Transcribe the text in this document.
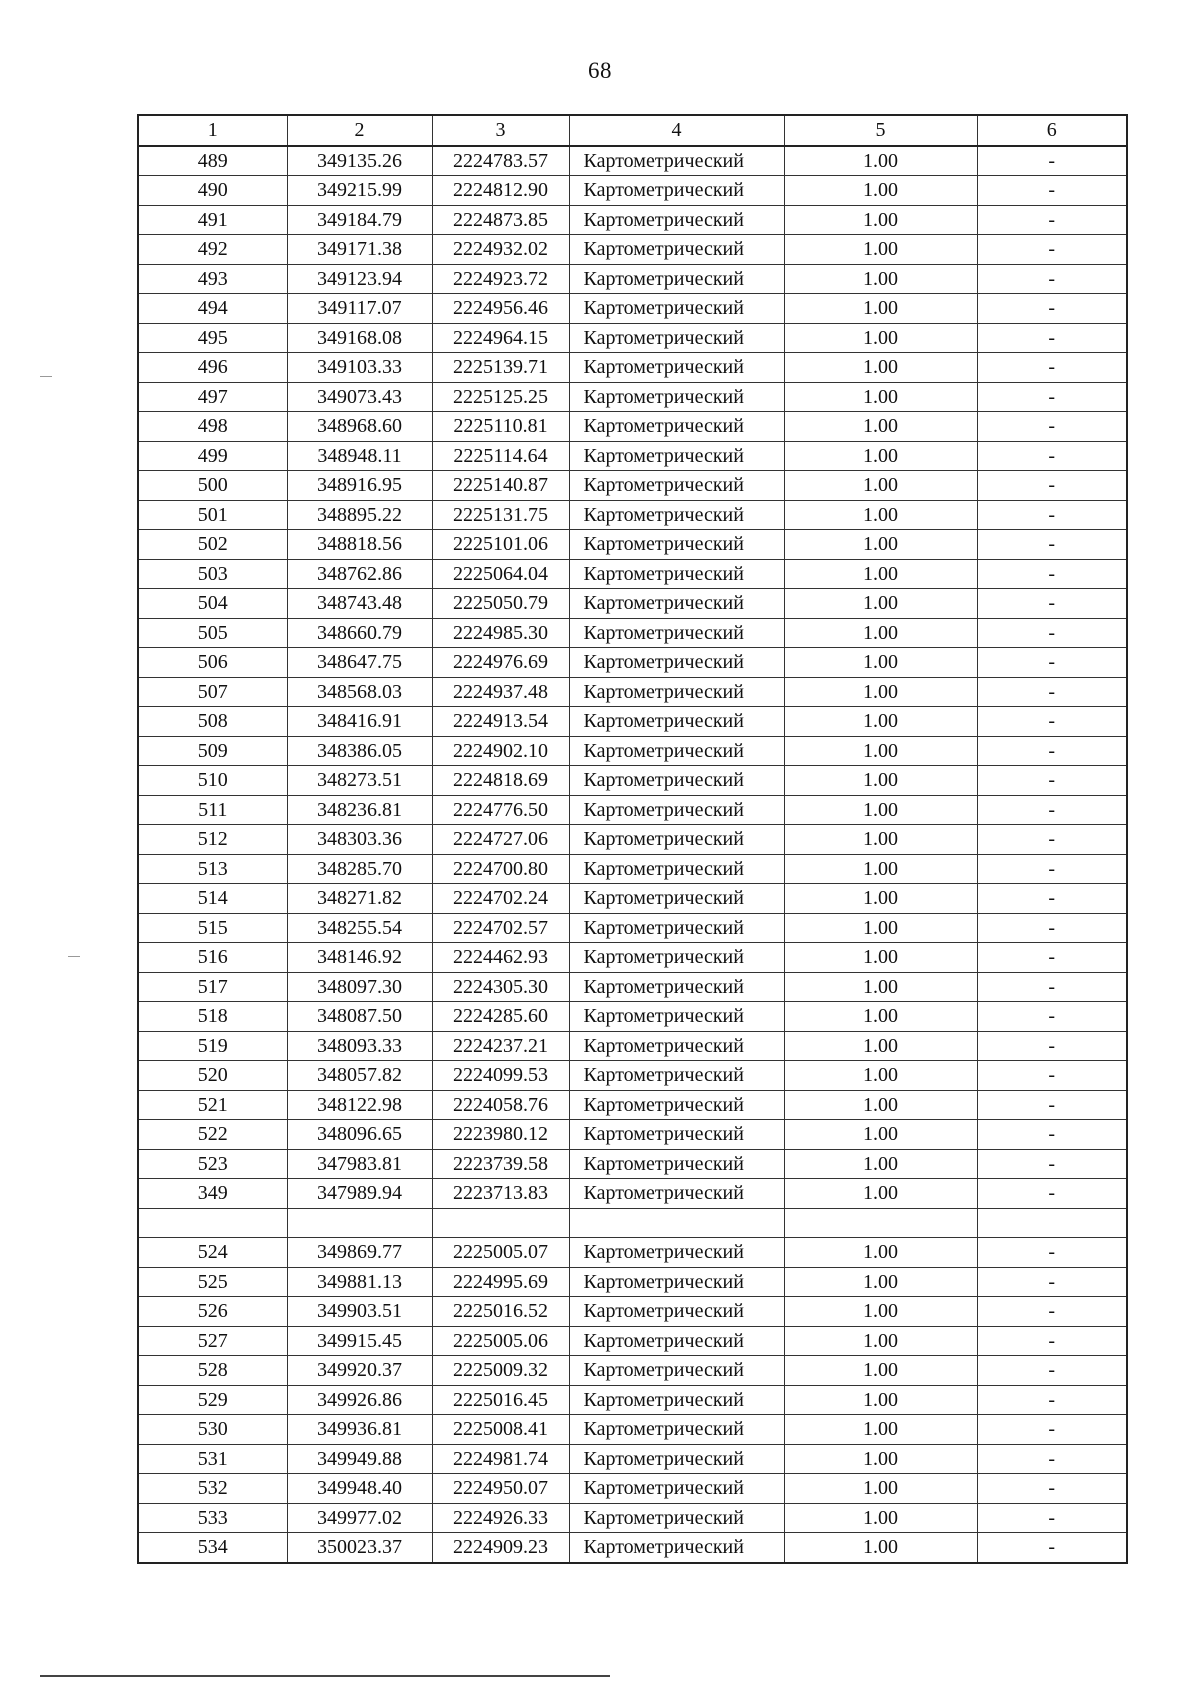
68
1	2	3	4	5	6
489	349135.26	2224783.57	Картометрический	1.00	-
490	349215.99	2224812.90	Картометрический	1.00	-
491	349184.79	2224873.85	Картометрический	1.00	-
492	349171.38	2224932.02	Картометрический	1.00	-
493	349123.94	2224923.72	Картометрический	1.00	-
494	349117.07	2224956.46	Картометрический	1.00	-
495	349168.08	2224964.15	Картометрический	1.00	-
496	349103.33	2225139.71	Картометрический	1.00	-
497	349073.43	2225125.25	Картометрический	1.00	-
498	348968.60	2225110.81	Картометрический	1.00	-
499	348948.11	2225114.64	Картометрический	1.00	-
500	348916.95	2225140.87	Картометрический	1.00	-
501	348895.22	2225131.75	Картометрический	1.00	-
502	348818.56	2225101.06	Картометрический	1.00	-
503	348762.86	2225064.04	Картометрический	1.00	-
504	348743.48	2225050.79	Картометрический	1.00	-
505	348660.79	2224985.30	Картометрический	1.00	-
506	348647.75	2224976.69	Картометрический	1.00	-
507	348568.03	2224937.48	Картометрический	1.00	-
508	348416.91	2224913.54	Картометрический	1.00	-
509	348386.05	2224902.10	Картометрический	1.00	-
510	348273.51	2224818.69	Картометрический	1.00	-
511	348236.81	2224776.50	Картометрический	1.00	-
512	348303.36	2224727.06	Картометрический	1.00	-
513	348285.70	2224700.80	Картометрический	1.00	-
514	348271.82	2224702.24	Картометрический	1.00	-
515	348255.54	2224702.57	Картометрический	1.00	-
516	348146.92	2224462.93	Картометрический	1.00	-
517	348097.30	2224305.30	Картометрический	1.00	-
518	348087.50	2224285.60	Картометрический	1.00	-
519	348093.33	2224237.21	Картометрический	1.00	-
520	348057.82	2224099.53	Картометрический	1.00	-
521	348122.98	2224058.76	Картометрический	1.00	-
522	348096.65	2223980.12	Картометрический	1.00	-
523	347983.81	2223739.58	Картометрический	1.00	-
349	347989.94	2223713.83	Картометрический	1.00	-

524	349869.77	2225005.07	Картометрический	1.00	-
525	349881.13	2224995.69	Картометрический	1.00	-
526	349903.51	2225016.52	Картометрический	1.00	-
527	349915.45	2225005.06	Картометрический	1.00	-
528	349920.37	2225009.32	Картометрический	1.00	-
529	349926.86	2225016.45	Картометрический	1.00	-
530	349936.81	2225008.41	Картометрический	1.00	-
531	349949.88	2224981.74	Картометрический	1.00	-
532	349948.40	2224950.07	Картометрический	1.00	-
533	349977.02	2224926.33	Картометрический	1.00	-
534	350023.37	2224909.23	Картометрический	1.00	-
